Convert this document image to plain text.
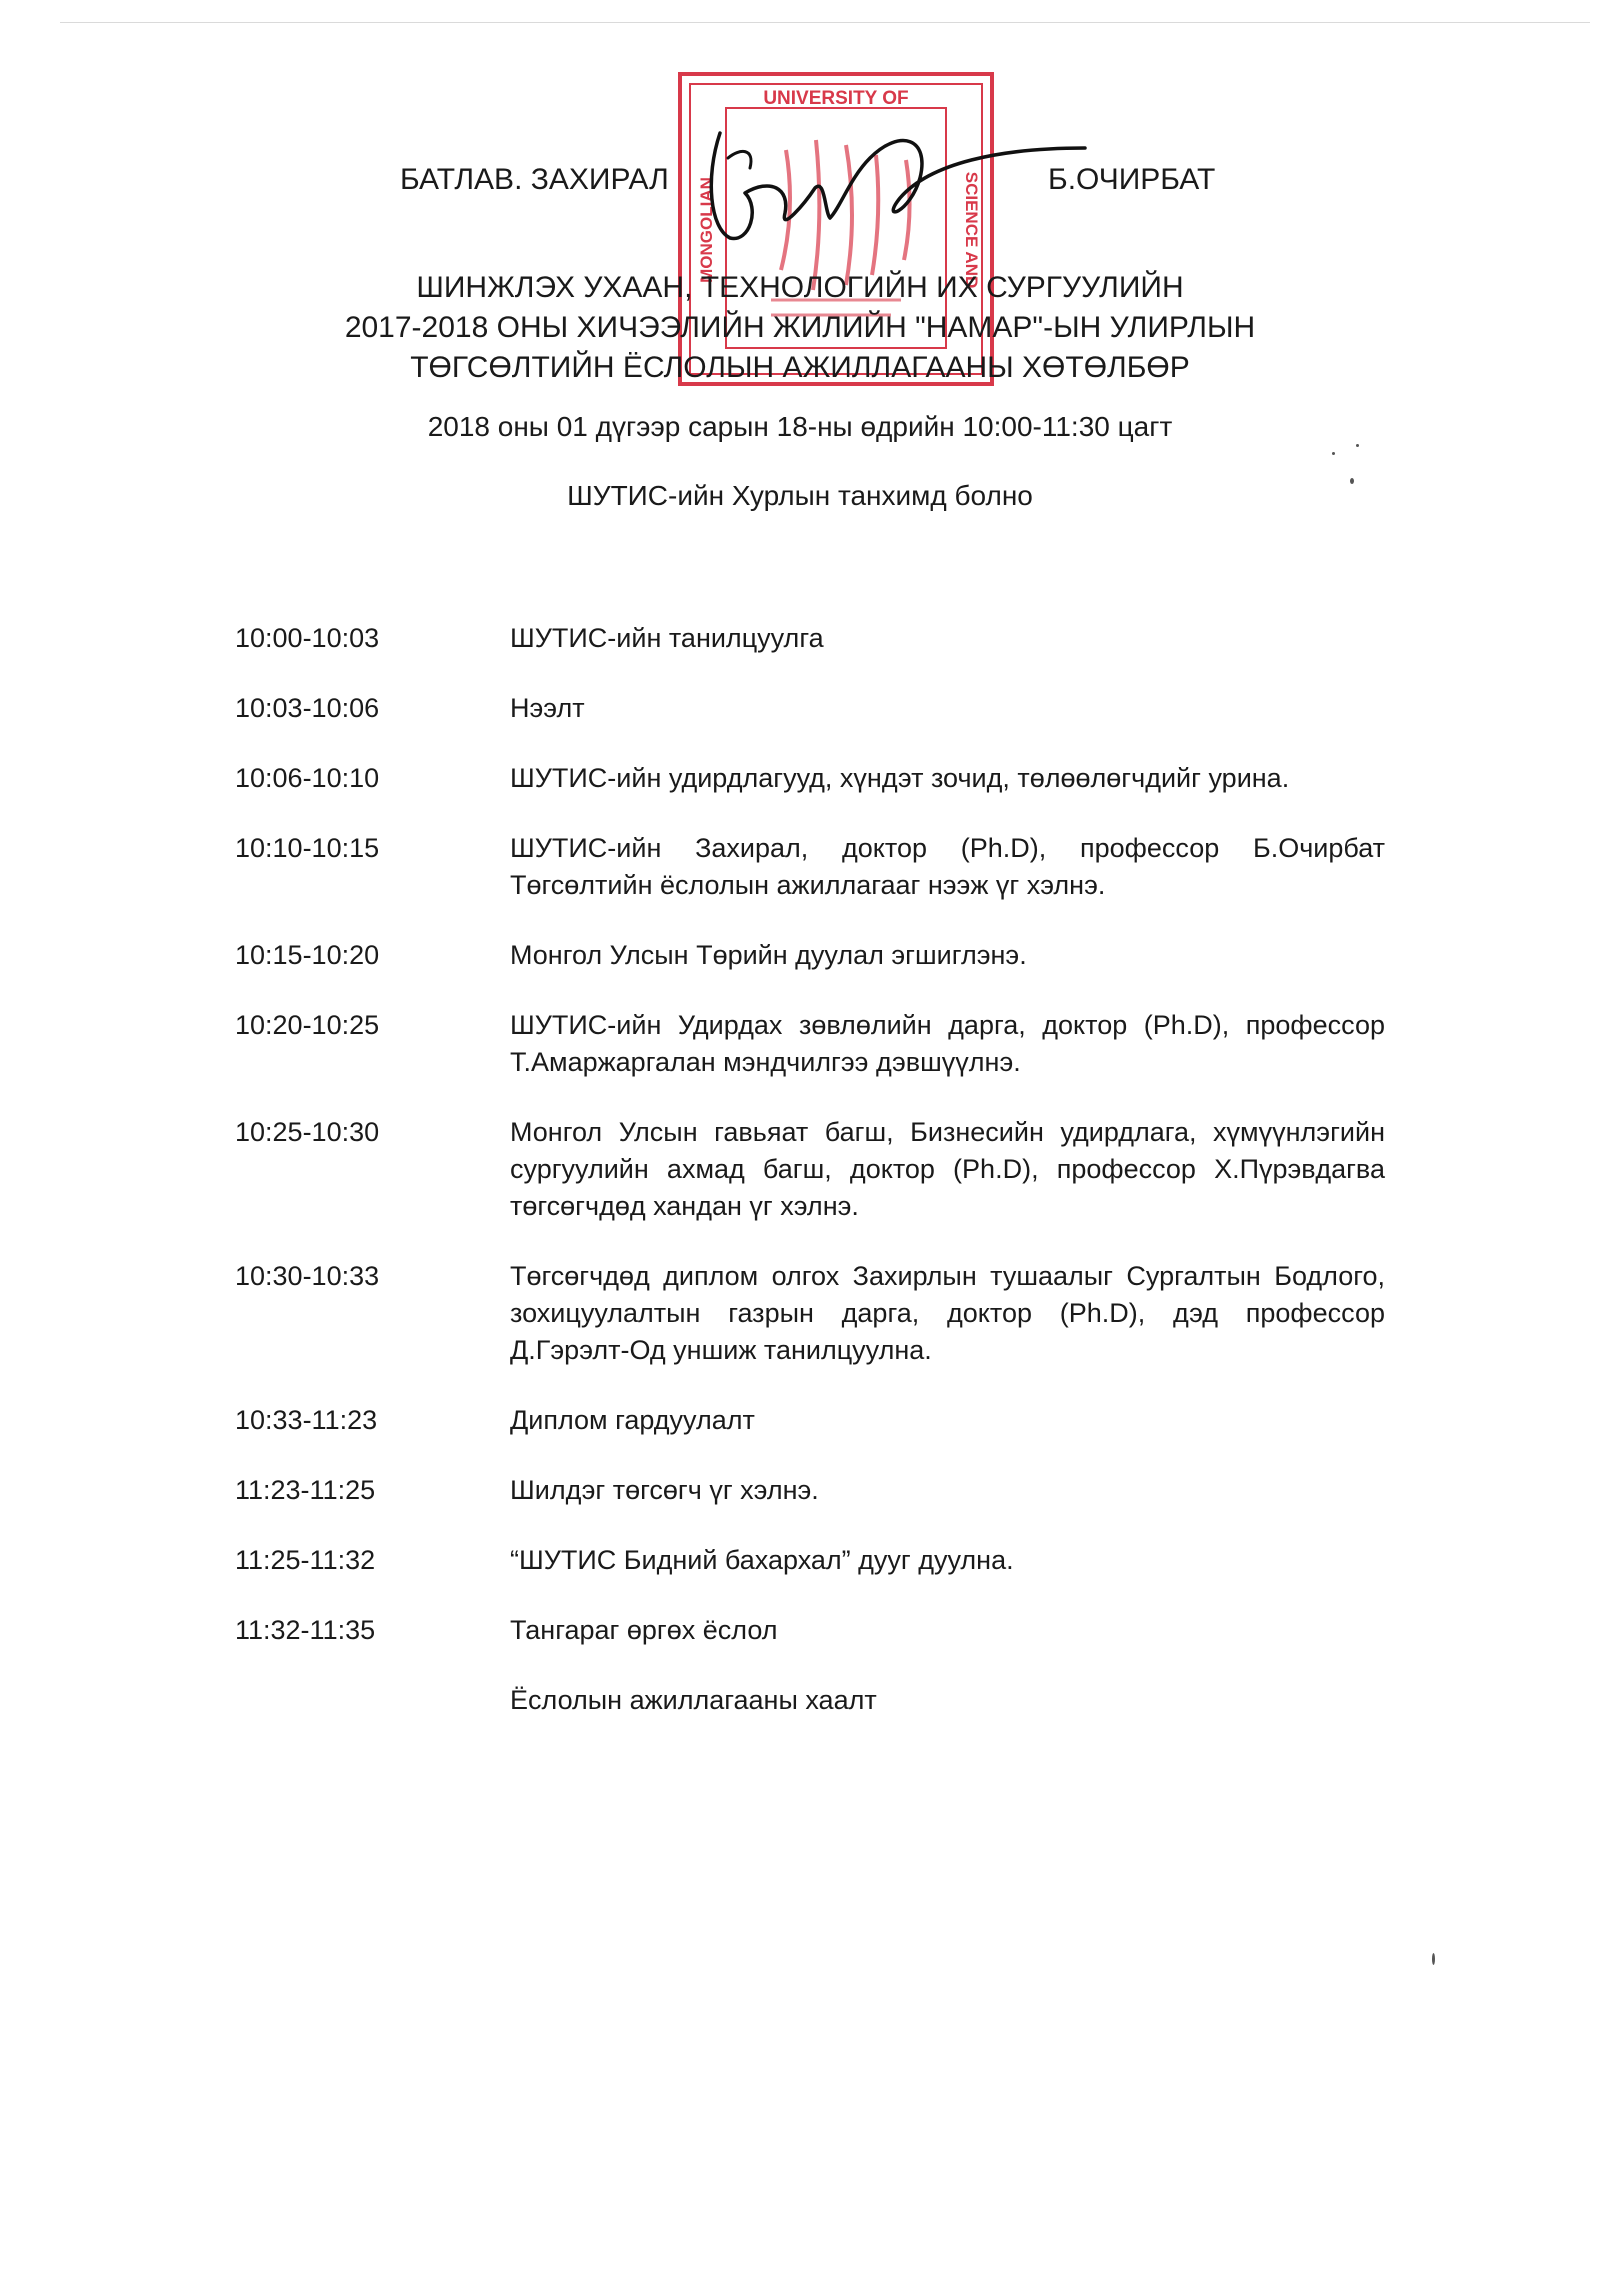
UNIVERSITY OF
MONGOLIAN	SCIENCE AND
БАТЛАВ. ЗАХИРАЛ	Б.ОЧИРБАТ
ШИНЖЛЭХ УХААН, ТЕХНОЛОГИЙН ИХ СУРГУУЛИЙН
2017-2018 ОНЫ ХИЧЭЭЛИЙН ЖИЛИЙН "НАМАР"-ЫН УЛИРЛЫН
ТӨГСӨЛТИЙН ЁСЛОЛЫН АЖИЛЛАГААНЫ ХӨТӨЛБӨР
2018 оны 01 дүгээр сарын 18-ны өдрийн 10:00-11:30 цагт
ШУТИС-ийн Хурлын танхимд болно
10:00-10:03	ШУТИС-ийн танилцуулга
10:03-10:06	Нээлт
10:06-10:10	ШУТИС-ийн удирдлагууд, хүндэт зочид, төлөөлөгчдийг урина.
10:10-10:15	ШУТИС-ийн Захирал, доктор (Ph.D), профессор Б.Очирбат Төгсөлтийн ёслолын ажиллагааг нээж үг хэлнэ.
10:15-10:20	Монгол Улсын Төрийн дуулал эгшиглэнэ.
10:20-10:25	ШУТИС-ийн Удирдах зөвлөлийн дарга, доктор (Ph.D), профессор Т.Амаржаргалан мэндчилгээ дэвшүүлнэ.
10:25-10:30	Монгол Улсын гавьяат багш, Бизнесийн удирдлага, хүмүүнлэгийн сургуулийн ахмад багш, доктор (Ph.D), профессор Х.Пүрэвдагва төгсөгчдөд хандан үг хэлнэ.
10:30-10:33	Төгсөгчдөд диплом олгох Захирлын тушаалыг Сургалтын Бодлого, зохицуулалтын газрын дарга, доктор (Ph.D), дэд профессор Д.Гэрэлт-Од уншиж танилцуулна.
10:33-11:23	Диплом гардуулалт
11:23-11:25	Шилдэг төгсөгч үг хэлнэ.
11:25-11:32	“ШУТИС Бидний бахархал” дууг дуулна.
11:32-11:35	Тангараг өргөх ёслол
Ёслолын ажиллагааны хаалт
